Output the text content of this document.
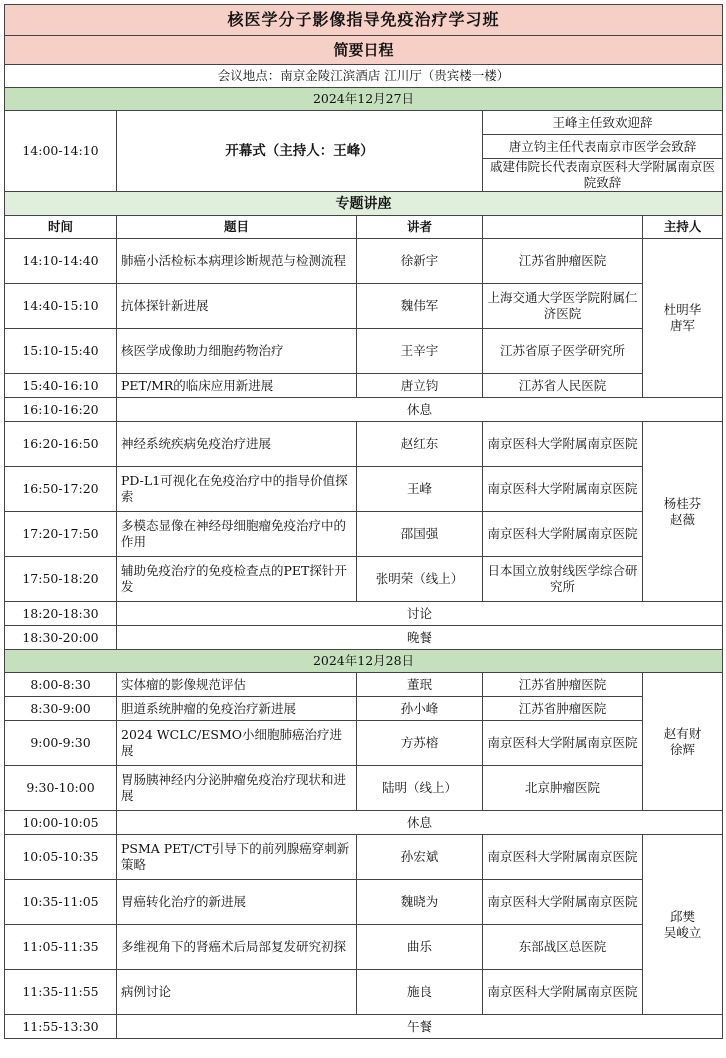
核医学分子影像指导免疫治疗学习班				
简要日程				
会议地点：南京金陵江滨酒店 江川厅（贵宾楼一楼）				
2024年12月27日				
14:00-14:10	开幕式（主持人：王峰）		王峰主任致欢迎辞	
			唐立钧主任代表南京市医学会致辞	
			戚建伟院长代表南京医科大学附属南京医院致辞	
专题讲座				
时间	题目	讲者		主持人
14:10-14:40	肺癌小活检标本病理诊断规范与检测流程	徐新宇	江苏省肿瘤医院	杜明华
唐军
14:40-15:10	抗体探针新进展	魏伟军	上海交通大学医学院附属仁济医院	
15:10-15:40	核医学成像助力细胞药物治疗	王辛宇	江苏省原子医学研究所	
15:40-16:10	PET/MR的临床应用新进展	唐立钧	江苏省人民医院	
16:10-16:20	休息			
16:20-16:50	神经系统疾病免疫治疗进展	赵红东	南京医科大学附属南京医院	杨桂芬
赵薇
16:50-17:20	PD-L1可视化在免疫治疗中的指导价值探索	王峰	南京医科大学附属南京医院	
17:20-17:50	多模态显像在神经母细胞瘤免疫治疗中的作用	邵国强	南京医科大学附属南京医院	
17:50-18:20	辅助免疫治疗的免疫检查点的PET探针开发	张明荣（线上）	日本国立放射线医学综合研究所	
18:20-18:30	讨论			
18:30-20:00	晚餐			
2024年12月28日				
8:00-8:30	实体瘤的影像规范评估	董珉	江苏省肿瘤医院	赵有财
徐辉
8:30-9:00	胆道系统肿瘤的免疫治疗新进展	孙小峰	江苏省肿瘤医院	
9:00-9:30	2024 WCLC/ESMO小细胞肺癌治疗进展	方苏榕	南京医科大学附属南京医院	
9:30-10:00	胃肠胰神经内分泌肿瘤免疫治疗现状和进展	陆明（线上）	北京肿瘤医院	
10:00-10:05	休息			
10:05-10:35	PSMA PET/CT引导下的前列腺癌穿刺新策略	孙宏斌	南京医科大学附属南京医院	邱樊
吴峻立
10:35-11:05	胃癌转化治疗的新进展	魏晓为	南京医科大学附属南京医院	
11:05-11:35	多维视角下的肾癌术后局部复发研究初探	曲乐	东部战区总医院	
11:35-11:55	病例讨论	施良	南京医科大学附属南京医院	
11:55-13:30	午餐			
